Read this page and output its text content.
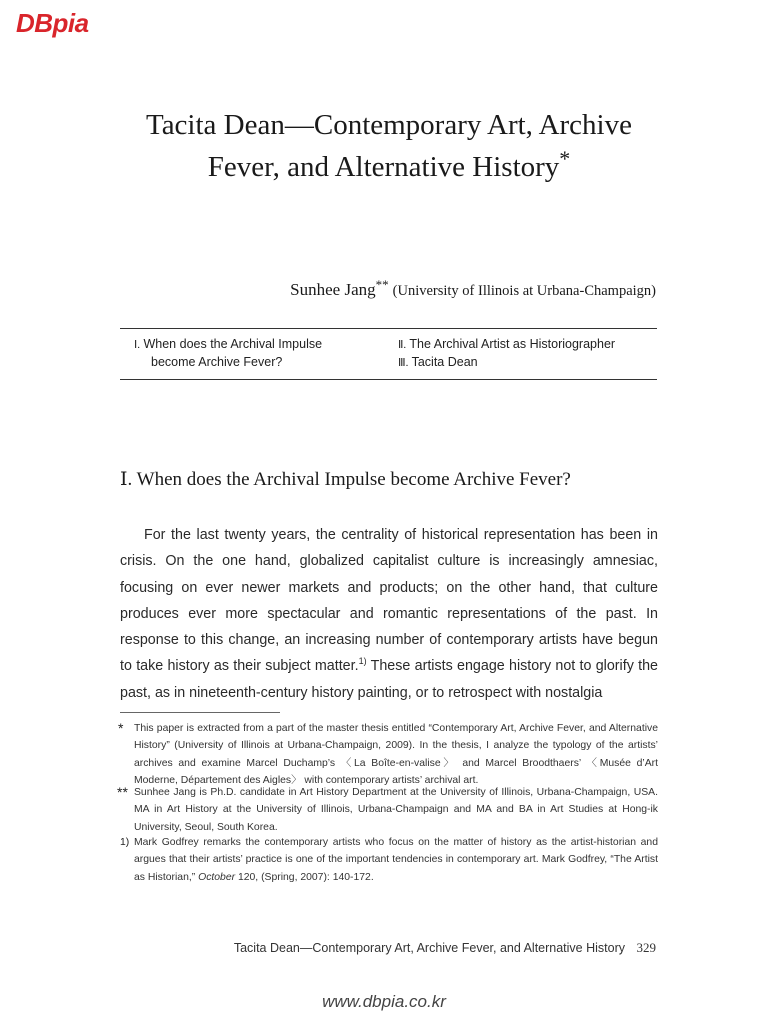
DBpia
Tacita Dean―Contemporary Art, Archive
Fever, and Alternative History*
Sunhee Jang** (University of Illinois at Urbana-Champaign)
Ⅰ. When does the Archival Impulse
become Archive Fever?
Ⅱ. The Archival Artist as Historiographer
Ⅲ. Tacita Dean
Ⅰ. When does the Archival Impulse become Archive Fever?

For the last twenty years, the centrality of historical representation has been in crisis. On the one hand, globalized capitalist culture is increasingly amnesiac, focusing on ever newer markets and products; on the other hand, that culture produces ever more spectacular and romantic representations of the past. In response to this change, an increasing number of contemporary artists have begun to take history as their subject matter.$^{1)}$ These artists engage history not to glorify the past, as in nineteenth-century history painting, or to retrospect with nostalgia

* This paper is extracted from a part of the master thesis entitled “Contemporary Art, Archive Fever, and Alternative History” (University of Illinois at Urbana-Champaign, 2009). In the thesis, I analyze the typology of the artists’ archives and examine Marcel Duchamp’s 〈La Boîte-en-valise〉 and Marcel Broodthaers’ 〈Musée d’Art Moderne, Département des Aigles〉 with contemporary artists’ archival art.
** Sunhee Jang is Ph.D. candidate in Art History Department at the University of Illinois, Urbana-Champaign, USA. MA in Art History at the University of Illinois, Urbana-Champaign and MA and BA in Art Studies at Hong-ik University, Seoul, South Korea.
1) Mark Godfrey remarks the contemporary artists who focus on the matter of history as the artist-historian and argues that their artists’ practice is one of the important tendencies in contemporary art. Mark Godfrey, “The Artist as Historian,” October 120, (Spring, 2007): 140-172.
Tacita Dean―Contemporary Art, Archive Fever, and Alternative History 329
www.dbpia.co.kr
